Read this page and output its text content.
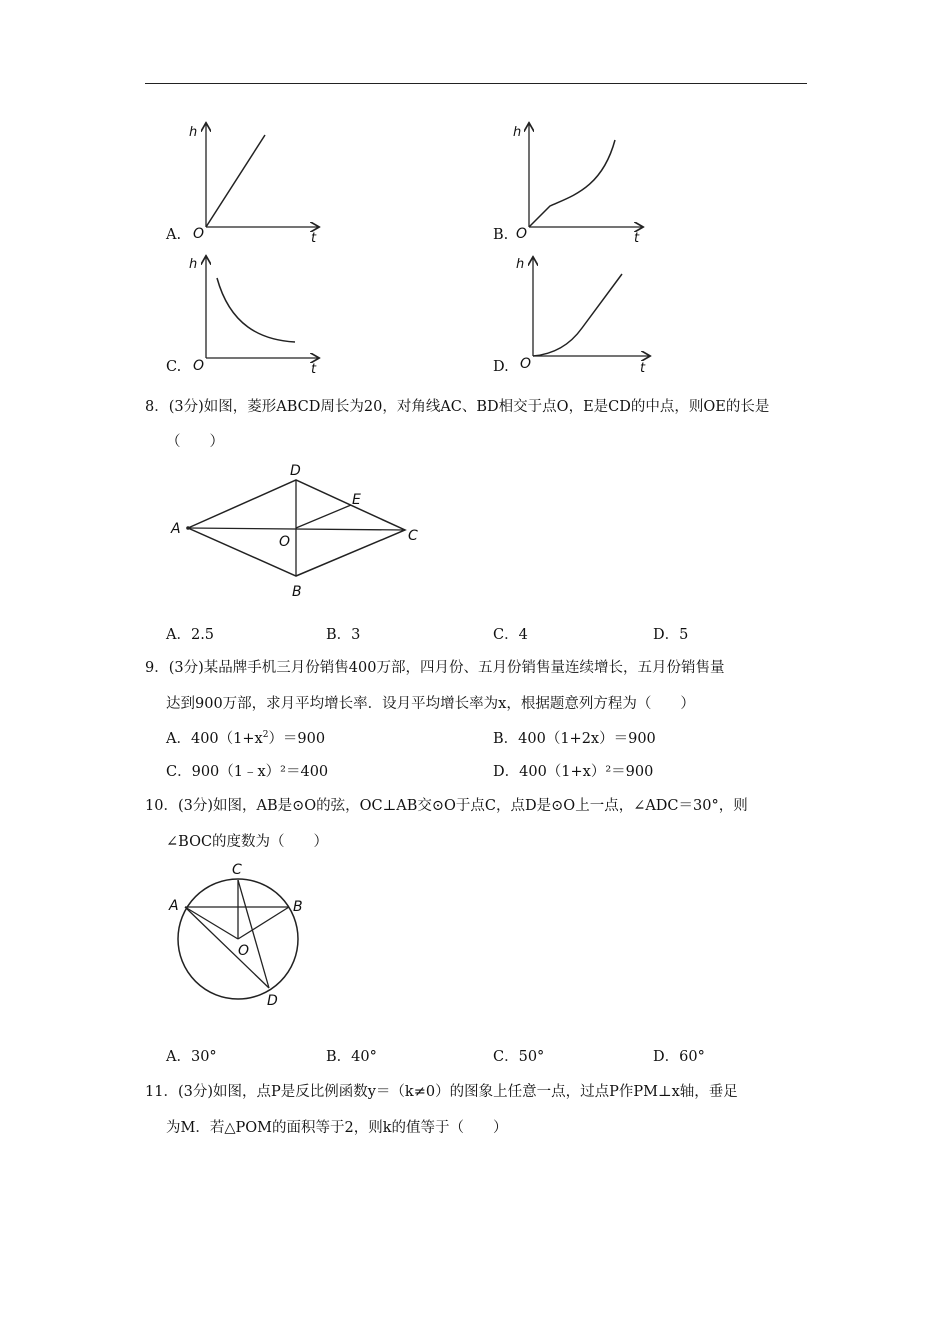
h
t
O
A.
h
t
O
B.
h
t
O
C.
h
t
O
D.
8．(3分)如图，菱形ABCD周长为20，对角线AC、BD相交于点O，E是CD的中点，则OE的长是
（　　）
A
D
C
B
E
O
A．2.5	B．3	C．4	D．5
9．(3分)某品牌手机三月份销售400万部，四月份、五月份销售量连续增长，五月份销售量
达到900万部，求月平均增长率．设月平均增长率为x，根据题意列方程为（　　）
A．$400(1+x^2)=900$	B．400（1+2x）＝900
C．900（1﹣x）²＝400	D．400（1+x）²＝900
10．(3分)如图，AB是⊙O的弦，OC⊥AB交⊙O于点C，点D是⊙O上一点，∠ADC＝30°，则
∠BOC的度数为（　　）
C
A	B
O
D
A．30°	B．40°	C．50°	D．60°
11．(3分)如图，点P是反比例函数y＝（k≠0）的图象上任意一点，过点P作PM⊥x轴，垂足
为M．若△POM的面积等于2，则k的值等于（　　）
